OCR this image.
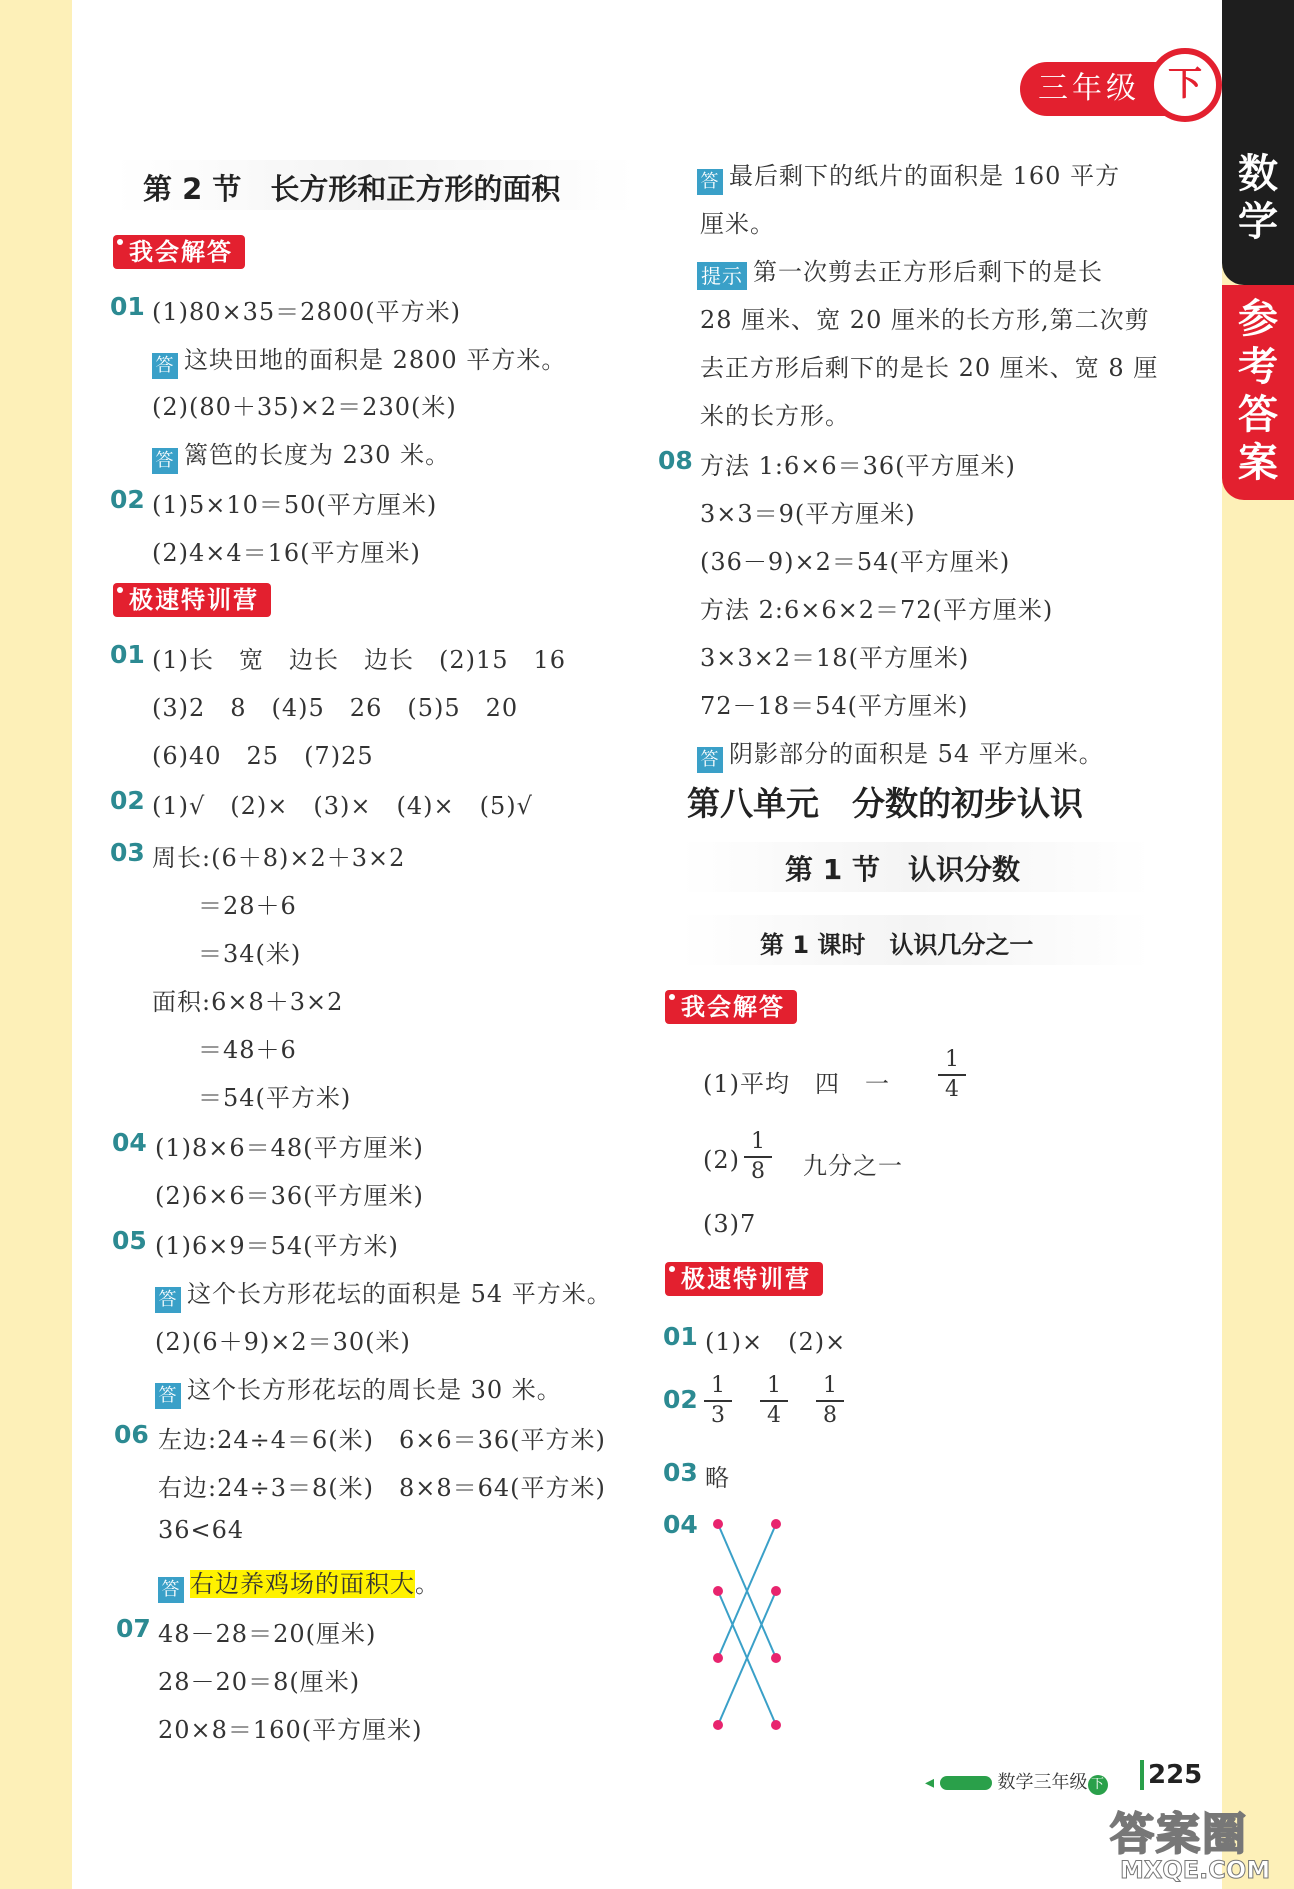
数学
参考答案
三年级 下
第 2 节　长方形和正方形的面积
我会解答
01 (1)80×35＝2800(平方米)
答 这块田地的面积是 2800 平方米。
(2)(80＋35)×2＝230(米)
答 篱笆的长度为 230 米。
02 (1)5×10＝50(平方厘米)
(2)4×4＝16(平方厘米)
极速特训营
01 (1)长　宽　边长　边长　(2)15　16
(3)2　8　(4)5　26　(5)5　20
(6)40　25　(7)25
02 (1)√　(2)×　(3)×　(4)×　(5)√
03 周长:(6＋8)×2＋3×2
＝28＋6
＝34(米)
面积:6×8＋3×2
＝48＋6
＝54(平方米)
04 (1)8×6＝48(平方厘米)
(2)6×6＝36(平方厘米)
05 (1)6×9＝54(平方米)
答 这个长方形花坛的面积是 54 平方米。
(2)(6＋9)×2＝30(米)
答 这个长方形花坛的周长是 30 米。
06 左边:24÷4＝6(米)　6×6＝36(平方米)
右边:24÷3＝8(米)　8×8＝64(平方米)
36<64
答 右边养鸡场的面积大。
07 48－28＝20(厘米)
28－20＝8(厘米)
20×8＝160(平方厘米)
答 最后剩下的纸片的面积是 160 平方
厘米。
提示 第一次剪去正方形后剩下的是长
28 厘米、宽 20 厘米的长方形,第二次剪
去正方形后剩下的是长 20 厘米、宽 8 厘
米的长方形。
08 方法 1:6×6＝36(平方厘米)
3×3＝9(平方厘米)
(36－9)×2＝54(平方厘米)
方法 2:6×6×2＝72(平方厘米)
3×3×2＝18(平方厘米)
72－18＝54(平方厘米)
答 阴影部分的面积是 54 平方厘米。
第八单元　分数的初步认识
第 1 节　认识分数
第 1 课时　认识几分之一
我会解答
(1)平均　四　一 $\frac{1}{4}$
$(2) \frac{1}{8}$ 九分之一
(3)7
极速特训营
01 (1)×　(2)×
$02 \frac{1}{3} \frac{1}{4} \frac{1}{8}$
03 略
04
◂	数学三年级 下	225
答案圈
MXQE.COM
